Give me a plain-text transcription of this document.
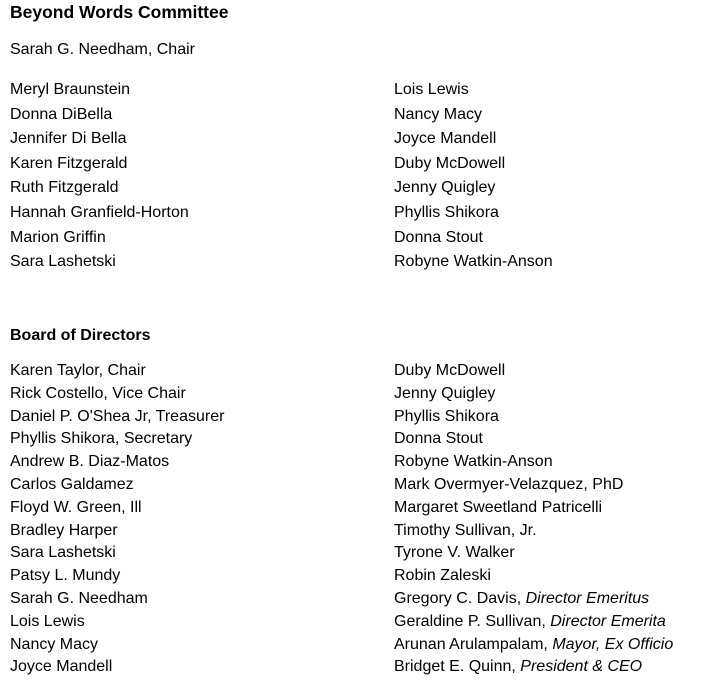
Beyond Words Committee

Sarah G. Needham, Chair

Meryl Braunstein
Donna DiBella
Jennifer Di Bella
Karen Fitzgerald
Ruth Fitzgerald
Hannah Granfield-Horton
Marion Griffin
Sara Lashetski
Lois Lewis
Nancy Macy
Joyce Mandell
Duby McDowell
Jenny Quigley
Phyllis Shikora
Donna Stout
Robyne Watkin-Anson
Board of Directors
Karen Taylor, Chair
Rick Costello, Vice Chair
Daniel P. O'Shea Jr, Treasurer
Phyllis Shikora, Secretary
Andrew B. Diaz-Matos
Carlos Galdamez
Floyd W. Green, Ill
Bradley Harper
Sara Lashetski
Patsy L. Mundy
Sarah G. Needham
Lois Lewis
Nancy Macy
Joyce Mandell
Duby McDowell
Jenny Quigley
Phyllis Shikora
Donna Stout
Robyne Watkin-Anson
Mark Overmyer-Velazquez, PhD
Margaret Sweetland Patricelli
Timothy Sullivan, Jr.
Tyrone V. Walker
Robin Zaleski
Gregory C. Davis, Director Emeritus
Geraldine P. Sullivan, Director Emerita
Arunan Arulampalam, Mayor, Ex Officio
Bridget E. Quinn, President & CEO
